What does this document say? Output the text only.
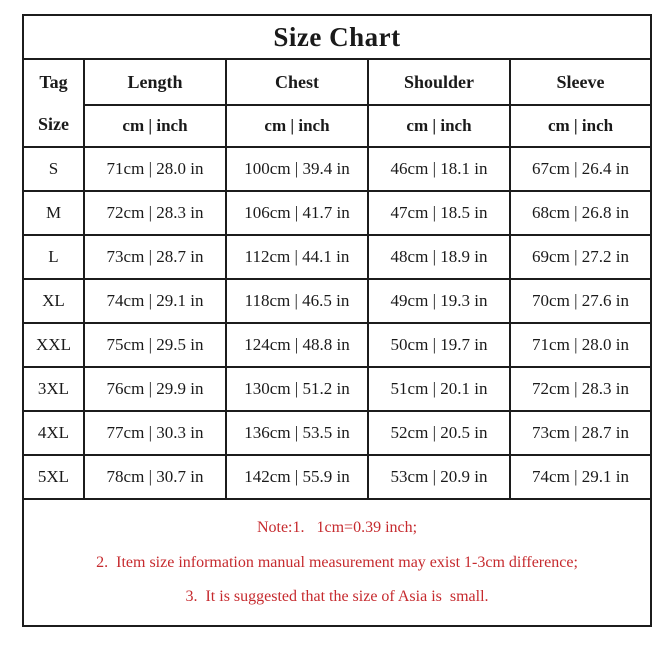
Size Chart				

Tag
Size	Length	Chest	Shoulder	Sleeve
	cm | inch	cm | inch	cm | inch	cm | inch
S	71cm | 28.0 in	100cm | 39.4 in	46cm | 18.1 in	67cm | 26.4 in
M	72cm | 28.3 in	106cm | 41.7 in	47cm | 18.5 in	68cm | 26.8 in
L	73cm | 28.7 in	112cm | 44.1 in	48cm | 18.9 in	69cm | 27.2 in
XL	74cm | 29.1 in	118cm | 46.5 in	49cm | 19.3 in	70cm | 27.6 in
XXL	75cm | 29.5 in	124cm | 48.8 in	50cm | 19.7 in	71cm | 28.0 in
3XL	76cm | 29.9 in	130cm | 51.2 in	51cm | 20.1 in	72cm | 28.3 in
4XL	77cm | 30.3 in	136cm | 53.5 in	52cm | 20.5 in	73cm | 28.7 in
5XL	78cm | 30.7 in	142cm | 55.9 in	53cm | 20.9 in	74cm | 29.1 in

Note:1.   1cm=0.39 inch;
2.  Item size information manual measurement may exist 1-3cm difference;
3.  It is suggested that the size of Asia is  small.				
